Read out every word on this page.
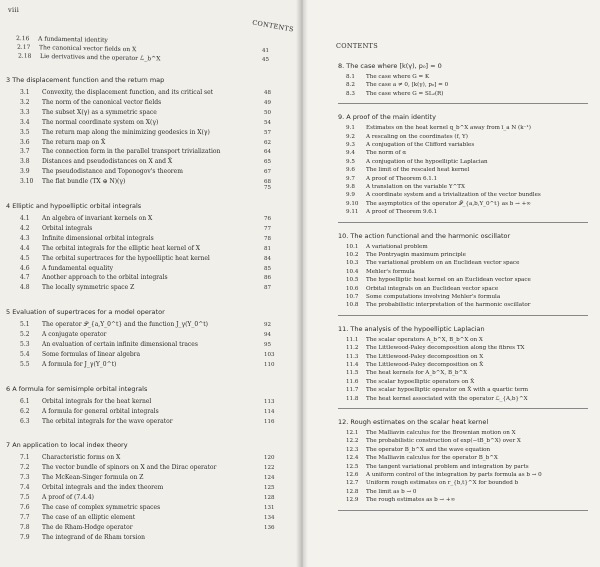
viii
CONTENTS
2.16 A fundamental identity
2.17 The canonical vector fields on X	41
2.18 Lie derivatives and the operator ℒ_b^X	45
3 The displacement function and the return map
3.1 Convexity, the displacement function, and its critical set	48
3.2 The norm of the canonical vector fields	49
3.3 The subset X(γ) as a symmetric space	50
3.4 The normal coordinate system on X(γ)	54
3.5 The return map along the minimizing geodesics in X(γ)	57
3.6 The return map on X̂	62
3.7 The connection form in the parallel transport trivialization	64
3.8 Distances and pseudodistances on X and X̂	65
3.9 The pseudodistance and Toponogov's theorem	67
3.10 The flat bundle (TX ⊕ N)(γ)	68
75
4 Elliptic and hypoelliptic orbital integrals
4.1 An algebra of invariant kernels on X	76
4.2 Orbital integrals	77
4.3 Infinite dimensional orbital integrals	78
4.4 The orbital integrals for the elliptic heat kernel of X	81
4.5 The orbital supertraces for the hypoelliptic heat kernel	84
4.6 A fundamental equality	85
4.7 Another approach to the orbital integrals	86
4.8 The locally symmetric space Z	87
5 Evaluation of supertraces for a model operator
5.1 The operator 𝒫_{a,Y_0^t} and the function J_γ(Y_0^t)	92
5.2 A conjugate operator	94
5.3 An evaluation of certain infinite dimensional traces	95
5.4 Some formulas of linear algebra	103
5.5 A formula for J_γ(Y_0^t)	110
6 A formula for semisimple orbital integrals
6.1 Orbital integrals for the heat kernel	113
6.2 A formula for general orbital integrals	114
6.3 The orbital integrals for the wave operator	116
7 An application to local index theory
7.1 Characteristic forms on X	120
7.2 The vector bundle of spinors on X and the Dirac operator	122
7.3 The McKean-Singer formula on Z	124
7.4 Orbital integrals and the index theorem	125
7.5 A proof of (7.4.4)	128
7.6 The case of complex symmetric spaces	131
7.7 The case of an elliptic element	134
7.8 The de Rham-Hodge operator	136
7.9 The integrand of de Rham torsion
CONTENTS
8. The case where [k(γ), p₀] = 0
8.1 The case where G = K
8.2 The case a ≠ 0, [k(γ), p₀] = 0
8.3 The case where G = SL₂(R)
9. A proof of the main identity
9.1 Estimates on the heat kernel q_b^X away from ī_a N (k⁻¹)
9.2 A rescaling on the coordinates (f, Y)
9.3 A conjugation of the Clifford variables
9.4 The norm of α
9.5 A conjugation of the hypoelliptic Laplacian
9.6 The limit of the rescaled heat kernel
9.7 A proof of Theorem 6.1.1
9.8 A translation on the variable Y^TX
9.9 A coordinate system and a trivialization of the vector bundles
9.10 The asymptotics of the operator 𝒫_{a,b,Y_0^t} as b → +∞
9.11 A proof of Theorem 9.6.1
10. The action functional and the harmonic oscillator
10.1 A variational problem
10.2 The Pontryagin maximum principle
10.3 The variational problem on an Euclidean vector space
10.4 Mehler's formula
10.5 The hypoelliptic heat kernel on an Euclidean vector space
10.6 Orbital integrals on an Euclidean vector space
10.7 Some computations involving Mehler's formula
10.8 The probabilistic interpretation of the harmonic oscillator
11. The analysis of the hypoelliptic Laplacian
11.1 The scalar operators A_b^X, B_b^X on X
11.2 The Littlewood-Paley decomposition along the fibres TX
11.3 The Littlewood-Paley decomposition on X
11.4 The Littlewood-Paley decomposition on X̂
11.5 The heat kernels for A_b^X, B_b^X
11.6 The scalar hypoelliptic operators on X̂
11.7 The scalar hypoelliptic operator on X̂ with a quartic term
11.8 The heat kernel associated with the operator ℒ_{A,b}^X
12. Rough estimates on the scalar heat kernel
12.1 The Malliavin calculus for the Brownian motion on X
12.2 The probabilistic construction of exp(−tB_b^X) over X
12.3 The operator B_b^X and the wave equation
12.4 The Malliavin calculus for the operator B_b^X
12.5 The tangent variational problem and integration by parts
12.6 A uniform control of the integration by parts formula as b → 0
12.7 Uniform rough estimates on r_{b,t}^X for bounded b
12.8 The limit as b → 0
12.9 The rough estimates as b → +∞
